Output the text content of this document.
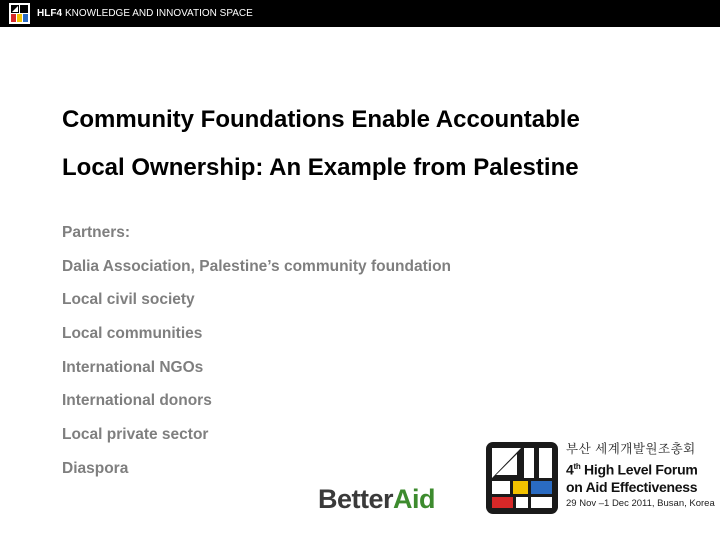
HLF4 KNOWLEDGE AND INNOVATION SPACE
Community Foundations Enable Accountable
Local Ownership: An Example from Palestine
Partners:
Dalia Association, Palestine’s community foundation
Local civil society
Local communities
International NGOs
International donors
Local private sector
Diaspora
BetterAid
부산 세계개발원조총회
4th High Level Forum
on Aid Effectiveness
29 Nov –1 Dec 2011, Busan, Korea
